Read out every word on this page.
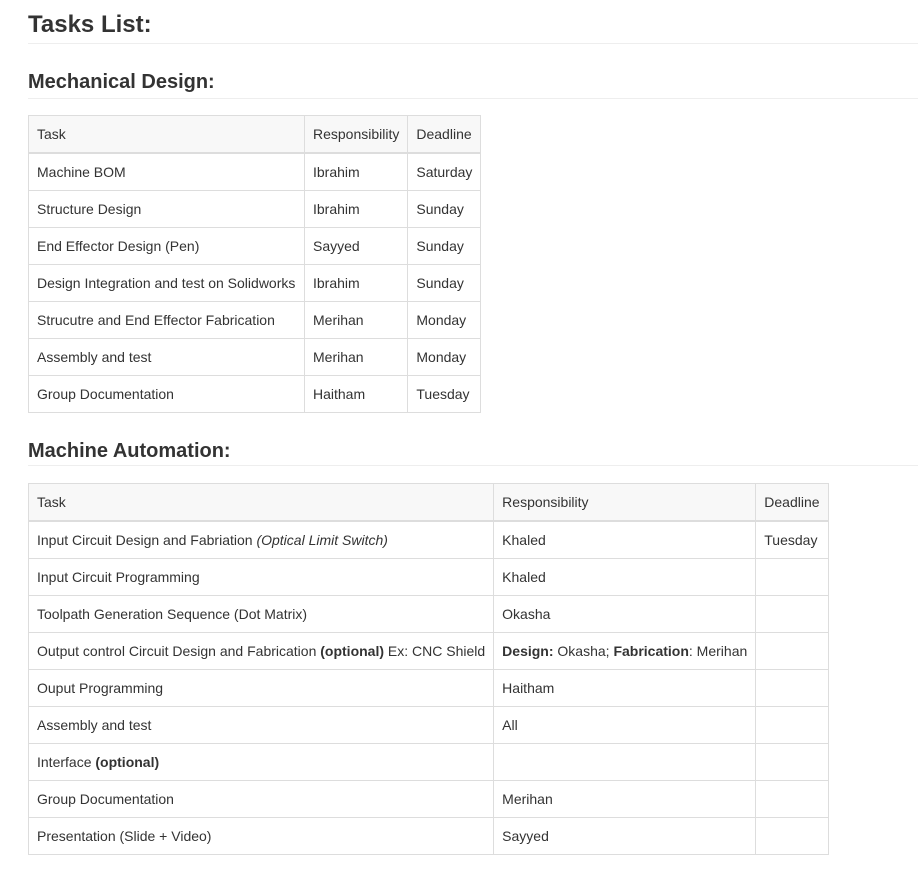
Tasks List:
Mechanical Design:
Task	Responsibility	Deadline
Machine BOM	Ibrahim	Saturday
Structure Design	Ibrahim	Sunday
End Effector Design (Pen)	Sayyed	Sunday
Design Integration and test on Solidworks	Ibrahim	Sunday
Strucutre and End Effector Fabrication	Merihan	Monday
Assembly and test	Merihan	Monday
Group Documentation	Haitham	Tuesday
Machine Automation:
Task	Responsibility	Deadline
Input Circuit Design and Fabriation (Optical Limit Switch)	Khaled	Tuesday
Input Circuit Programming	Khaled	
Toolpath Generation Sequence (Dot Matrix)	Okasha	
Output control Circuit Design and Fabrication (optional) Ex: CNC Shield	Design: Okasha; Fabrication: Merihan	
Ouput Programming	Haitham	
Assembly and test	All	
Interface (optional)		
Group Documentation	Merihan	
Presentation (Slide + Video)	Sayyed	
